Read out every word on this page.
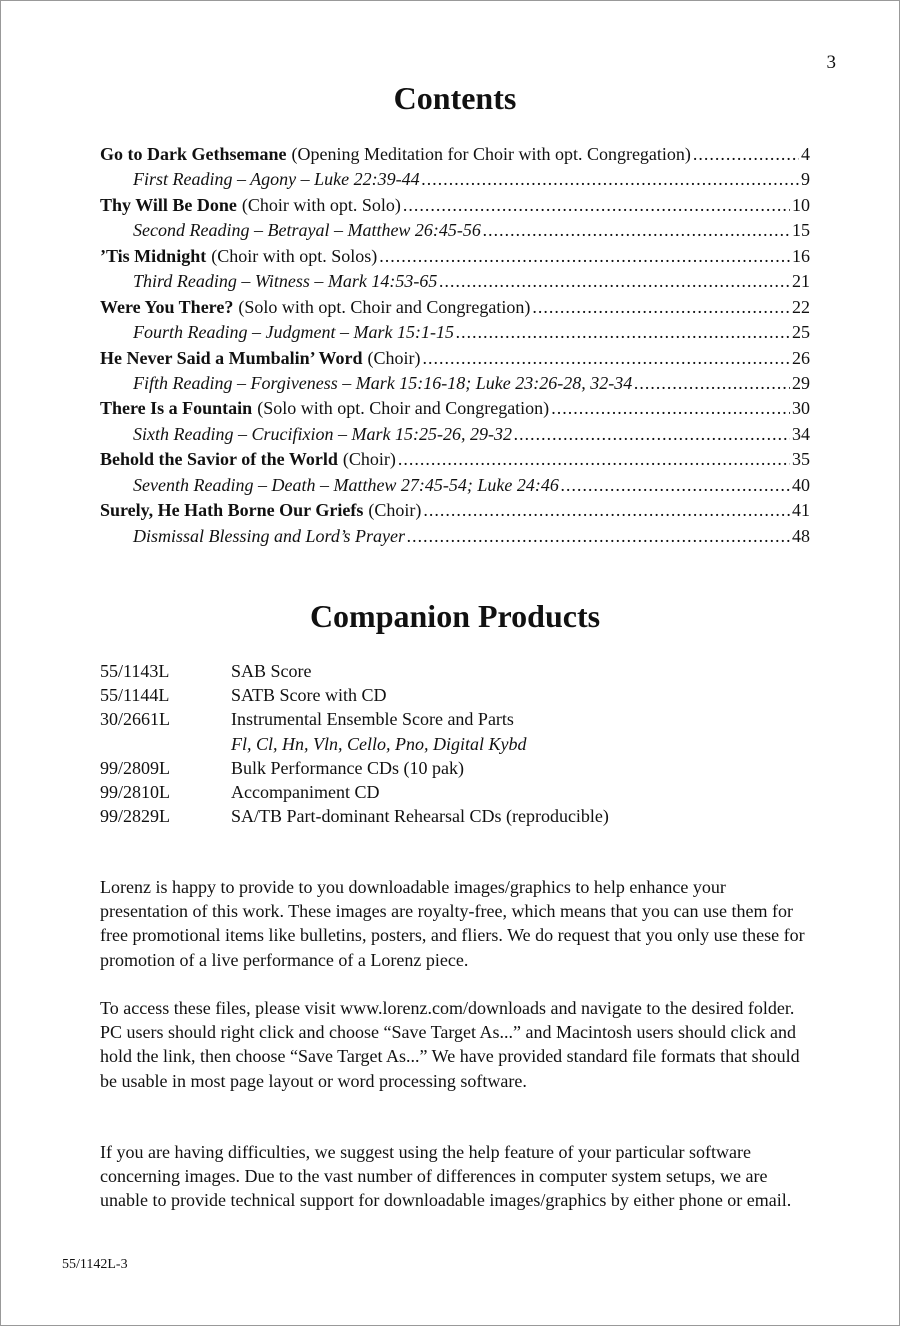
3
Contents
Go to Dark Gethsemane (Opening Meditation for Choir with opt. Congregation) .....	4
First Reading – Agony – Luke 22:39-44 .....	9
Thy Will Be Done (Choir with opt. Solo) .....	10
Second Reading – Betrayal – Matthew 26:45-56 .....	15
’Tis Midnight (Choir with opt. Solos) .....	16
Third Reading – Witness – Mark 14:53-65 .....	21
Were You There? (Solo with opt. Choir and Congregation) .....	22
Fourth Reading – Judgment – Mark 15:1-15 .....	25
He Never Said a Mumbalin’ Word (Choir) .....	26
Fifth Reading – Forgiveness – Mark 15:16-18; Luke 23:26-28, 32-34 .....	29
There Is a Fountain (Solo with opt. Choir and Congregation) .....	30
Sixth Reading – Crucifixion – Mark 15:25-26, 29-32 .....	34
Behold the Savior of the World (Choir) .....	35
Seventh Reading – Death – Matthew 27:45-54; Luke 24:46 .....	40
Surely, He Hath Borne Our Griefs (Choir) .....	41
Dismissal Blessing and Lord’s Prayer .....	48
Companion Products
55/1143L	SAB Score
55/1144L	SATB Score with CD
30/2661L	Instrumental Ensemble Score and Parts
Fl, Cl, Hn, Vln, Cello, Pno, Digital Kybd
99/2809L	Bulk Performance CDs (10 pak)
99/2810L	Accompaniment CD
99/2829L	SA/TB Part-dominant Rehearsal CDs (reproducible)

Lorenz is happy to provide to you downloadable images/graphics to help enhance your presentation of this work. These images are royalty-free, which means that you can use them for free promotional items like bulletins, posters, and fliers. We do request that you only use these for promotion of a live performance of a Lorenz piece.

To access these files, please visit www.lorenz.com/downloads and navigate to the desired folder. PC users should right click and choose “Save Target As...” and Macintosh users should click and hold the link, then choose “Save Target As...” We have provided standard file formats that should be usable in most page layout or word processing software.

If you are having difficulties, we suggest using the help feature of your particular software concerning images. Due to the vast number of differences in computer system setups, we are unable to provide technical support for downloadable images/graphics by either phone or email.

55/1142L-3
